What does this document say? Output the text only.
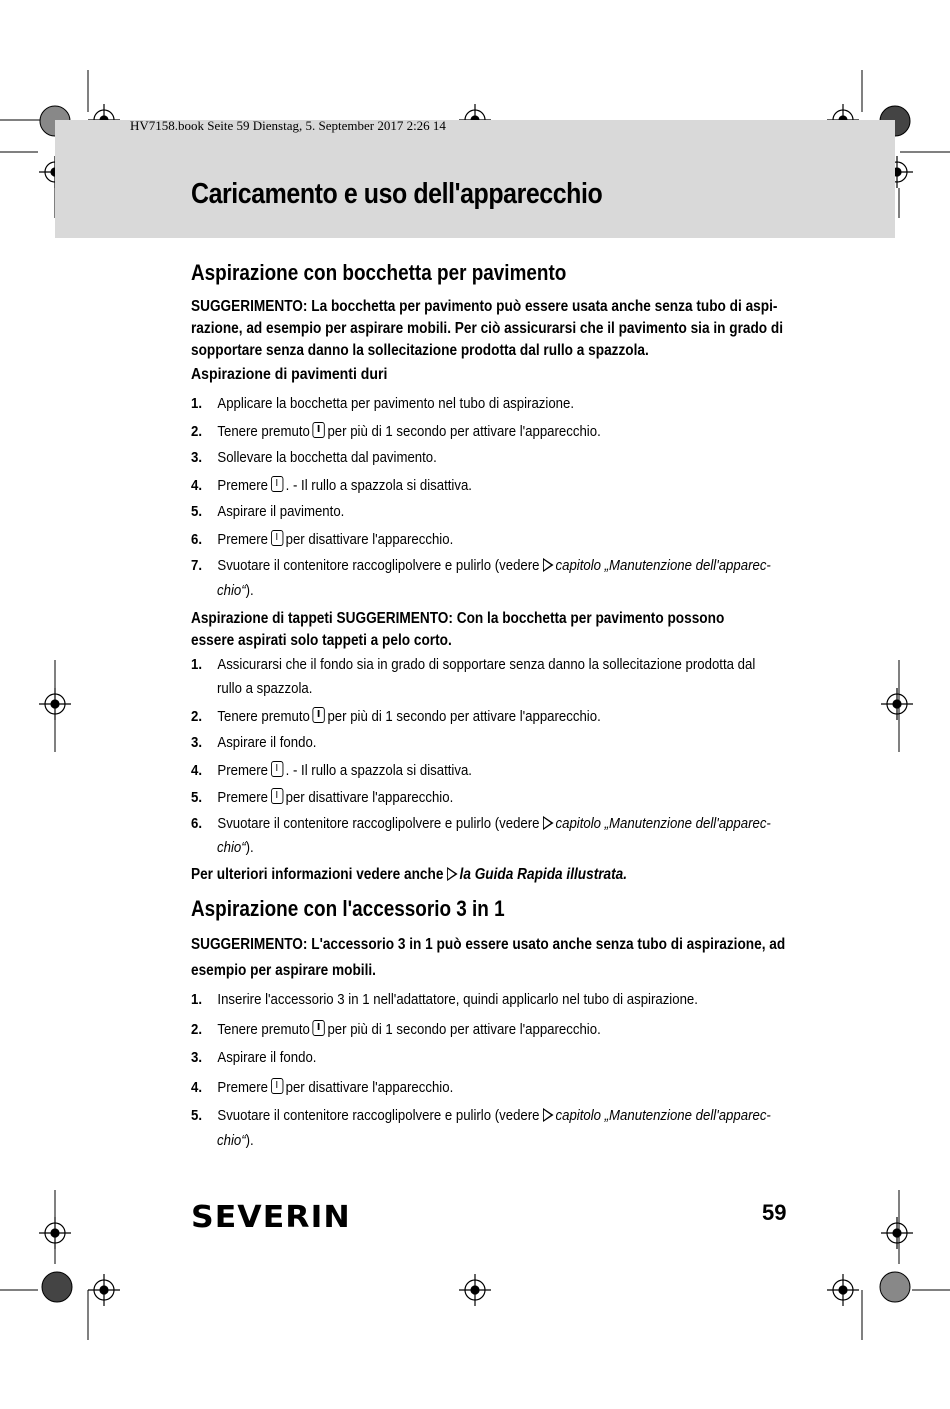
HV7158.book Seite 59 Dienstag, 5. September 2017 2:26 14
Caricamento e uso dell'apparecchio
Aspirazione con bocchetta per pavimento
SUGGERIMENTO: La bocchetta per pavimento può essere usata anche senza tubo di aspi-
razione, ad esempio per aspirare mobili. Per ciò assicurarsi che il pavimento sia in grado di
sopportare senza danno la sollecitazione prodotta dal rullo a spazzola.
Aspirazione di pavimenti duri
1. Applicare la bocchetta per pavimento nel tubo di aspirazione.
2. Tenere premuto per più di 1 secondo per attivare l'apparecchio.
3. Sollevare la bocchetta dal pavimento.
4. Premere . - Il rullo a spazzola si disattiva.
5. Aspirare il pavimento.
6. Premere per disattivare l'apparecchio.
7. Svuotare il contenitore raccoglipolvere e pulirlo (vedere capitolo „Manutenzione dell'apparec-
chio“).
Aspirazione di tappeti SUGGERIMENTO: Con la bocchetta per pavimento possono
essere aspirati solo tappeti a pelo corto.
1. Assicurarsi che il fondo sia in grado di sopportare senza danno la sollecitazione prodotta dal
rullo a spazzola.
2. Tenere premuto per più di 1 secondo per attivare l'apparecchio.
3. Aspirare il fondo.
4. Premere . - Il rullo a spazzola si disattiva.
5. Premere per disattivare l'apparecchio.
6. Svuotare il contenitore raccoglipolvere e pulirlo (vedere capitolo „Manutenzione dell'apparec-
chio“).
Per ulteriori informazioni vedere anche la Guida Rapida illustrata.
Aspirazione con l'accessorio 3 in 1
SUGGERIMENTO: L'accessorio 3 in 1 può essere usato anche senza tubo di aspirazione, ad
esempio per aspirare mobili.
1. Inserire l'accessorio 3 in 1 nell'adattatore, quindi applicarlo nel tubo di aspirazione.
2. Tenere premuto per più di 1 secondo per attivare l'apparecchio.
3. Aspirare il fondo.
4. Premere per disattivare l'apparecchio.
5. Svuotare il contenitore raccoglipolvere e pulirlo (vedere capitolo „Manutenzione dell'apparec-
chio“).
SEVERIN	59
